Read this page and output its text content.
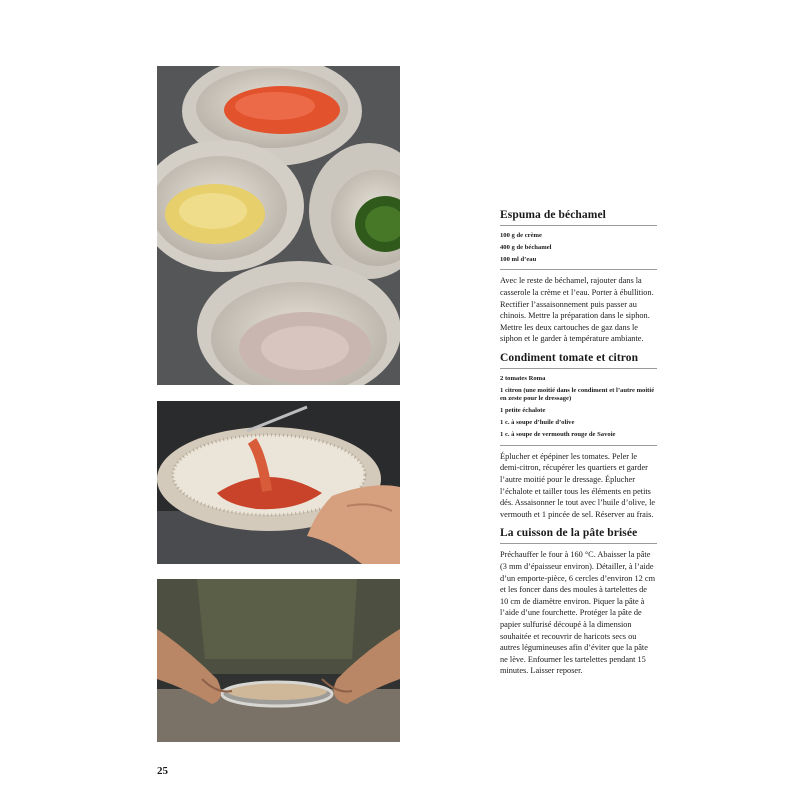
Espuma de béchamel
100 g de crème
400 g de béchamel
100 ml d’eau

Avec le reste de béchamel, rajouter dans la casserole la crème et l’eau. Porter à ébullition. Rectifier l’assaisonnement puis passer au chinois. Mettre la préparation dans le siphon. Mettre les deux cartouches de gaz dans le siphon et le garder à température ambiante.

Condiment tomate et citron
2 tomates Roma
1 citron (une moitié dans le condiment et l’autre moitié en zeste pour le dressage)
1 petite échalote
1 c. à soupe d’huile d’olive
1 c. à soupe de vermouth rouge de Savoie

Éplucher et épépiner les tomates. Peler le demi-citron, récupérer les quartiers et garder l’autre moitié pour le dressage. Éplucher l’échalote et tailler tous les éléments en petits dés. Assaisonner le tout avec l’huile d’olive, le vermouth et 1 pincée de sel. Réserver au frais.

La cuisson de la pâte brisée

Préchauffer le four à 160 °C. Abaisser la pâte (3 mm d’épaisseur environ). Détailler, à l’aide d’un emporte-pièce, 6 cercles d’environ 12 cm et les foncer dans des moules à tartelettes de 10 cm de diamètre environ. Piquer la pâte à l’aide d’une fourchette. Protéger la pâte de papier sulfurisé découpé à la dimension souhaitée et recouvrir de haricots secs ou autres légumineuses afin d’éviter que la pâte ne lève. Enfourner les tartelettes pendant 15 minutes. Laisser reposer.

25
